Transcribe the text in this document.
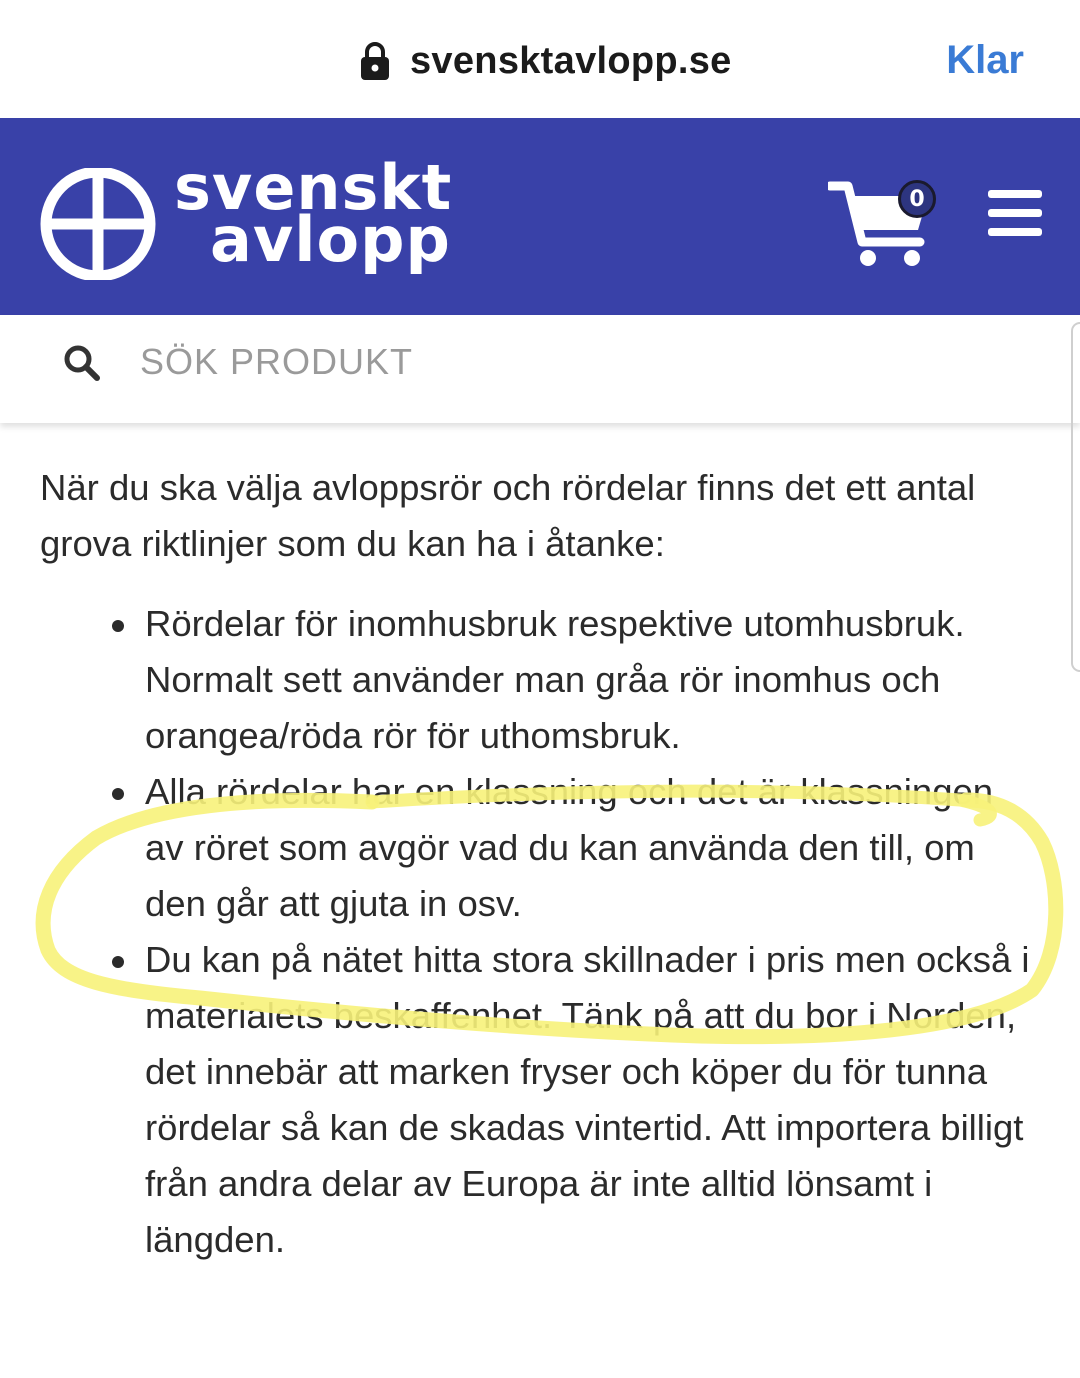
svensktavlopp.se	Klar
svenskt
avlopp
0
SÖK PRODUKT

När du ska välja avloppsrör och rördelar finns det ett antal grova riktlinjer som du kan ha i åtanke:

Rördelar för inomhusbruk respektive utomhusbruk. Normalt sett använder man gråa rör inomhus och orangea/röda rör för uthomsbruk.
Alla rördelar har en klassning och det är klassningen av röret som avgör vad du kan använda den till, om den går att gjuta in osv.
Du kan på nätet hitta stora skillnader i pris men också i materialets beskaffenhet. Tänk på att du bor i Norden, det innebär att marken fryser och köper du för tunna rördelar så kan de skadas vintertid. Att importera billigt från andra delar av Europa är inte alltid lönsamt i längden.
